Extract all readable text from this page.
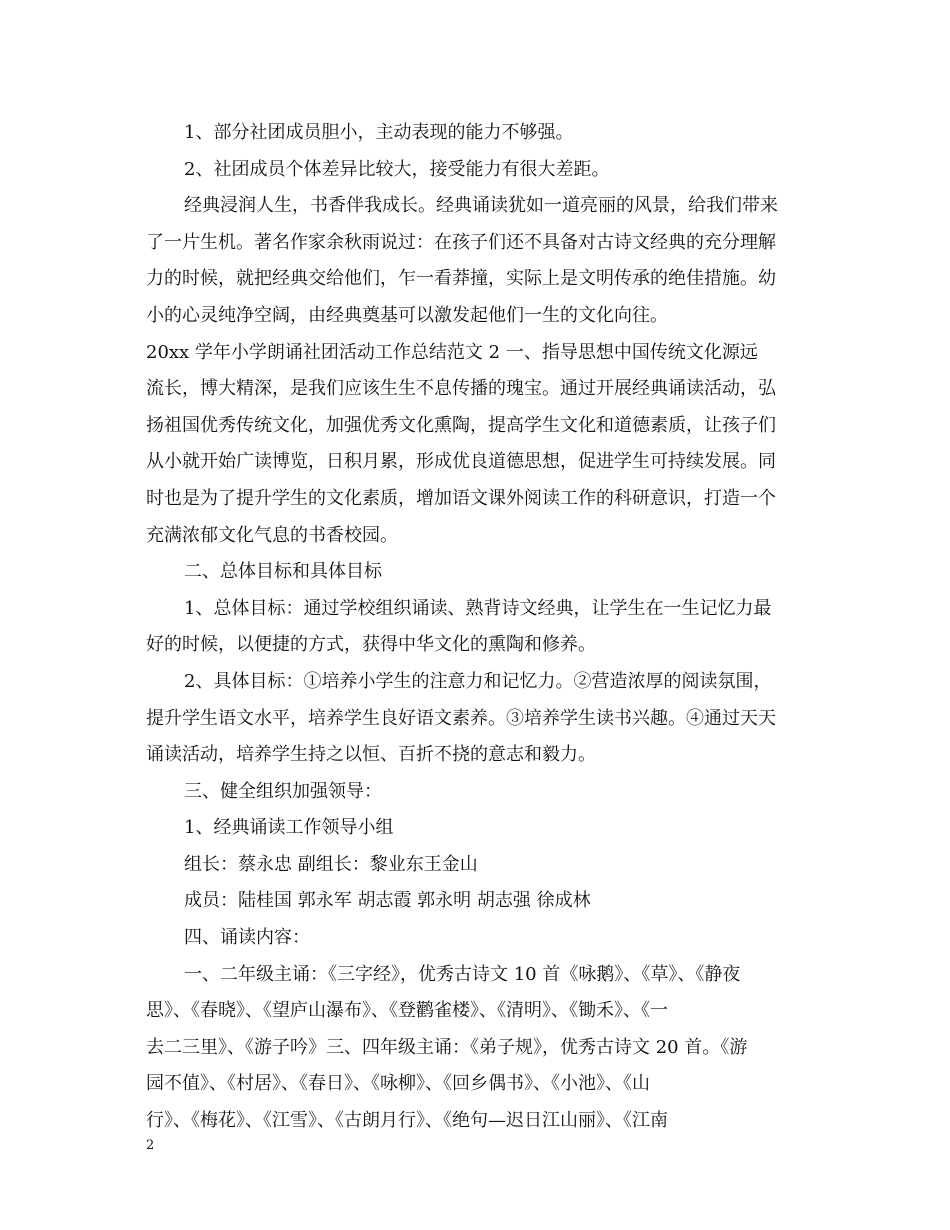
1、部分社团成员胆小，主动表现的能力不够强。
2、社团成员个体差异比较大，接受能力有很大差距。
经典浸润人生，书香伴我成长。经典诵读犹如一道亮丽的风景，给我们带来
了一片生机。著名作家余秋雨说过：在孩子们还不具备对古诗文经典的充分理解
力的时候，就把经典交给他们，乍一看莽撞，实际上是文明传承的绝佳措施。幼
小的心灵纯净空阔，由经典奠基可以激发起他们一生的文化向往。
20xx 学年小学朗诵社团活动工作总结范文 2 一、指导思想中国传统文化源远
流长，博大精深，是我们应该生生不息传播的瑰宝。通过开展经典诵读活动，弘
扬祖国优秀传统文化，加强优秀文化熏陶，提高学生文化和道德素质，让孩子们
从小就开始广读博览，日积月累，形成优良道德思想，促进学生可持续发展。同
时也是为了提升学生的文化素质，增加语文课外阅读工作的科研意识，打造一个
充满浓郁文化气息的书香校园。
二、总体目标和具体目标
1、总体目标：通过学校组织诵读、熟背诗文经典，让学生在一生记忆力最
好的时候，以便捷的方式，获得中华文化的熏陶和修养。
2、具体目标：①培养小学生的注意力和记忆力。②营造浓厚的阅读氛围，
提升学生语文水平，培养学生良好语文素养。③培养学生读书兴趣。④通过天天
诵读活动，培养学生持之以恒、百折不挠的意志和毅力。
三、健全组织加强领导：
1、经典诵读工作领导小组
组长：蔡永忠 副组长：黎业东王金山
成员：陆桂国 郭永军 胡志霞 郭永明 胡志强 徐成林
四、诵读内容：
一、二年级主诵：《三字经》，优秀古诗文 10 首《咏鹅》、《草》、《静夜
思》、《春晓》、《望庐山瀑布》、《登鹳雀楼》、《清明》、《锄禾》、《一
去二三里》、《游子吟》三、四年级主诵：《弟子规》，优秀古诗文 20 首。《游
园不值》、《村居》、《春日》、《咏柳》、《回乡偶书》、《小池》、《山
行》、《梅花》、《江雪》、《古朗月行》、《绝句—迟日江山丽》、《江南
2
